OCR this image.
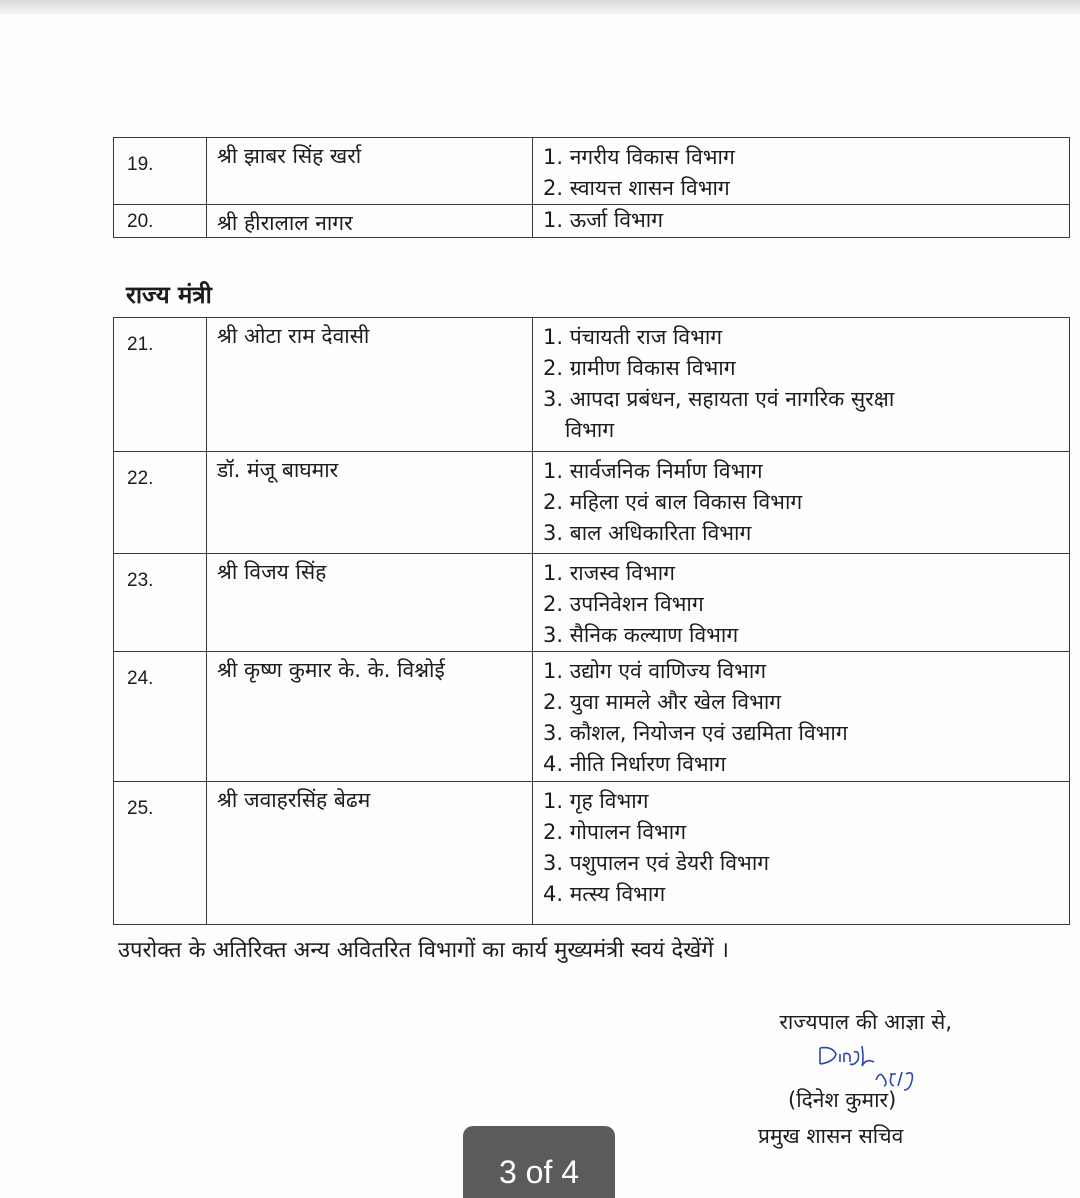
19.	श्री झाबर सिंह खर्रा	1. नगरीय विकास विभाग
2. स्वायत्त शासन विभाग

20.	श्री हीरालाल नागर	1. ऊर्जा विभाग
राज्य मंत्री
21.	श्री ओटा राम देवासी	1. पंचायती राज विभाग
2. ग्रामीण विकास विभाग
3. आपदा प्रबंधन, सहायता एवं नागरिक सुरक्षा
विभाग

22.	डॉ. मंजू बाघमार	1. सार्वजनिक निर्माण विभाग
2. महिला एवं बाल विकास विभाग
3. बाल अधिकारिता विभाग

23.	श्री विजय सिंह	1. राजस्व विभाग
2. उपनिवेशन विभाग
3. सैनिक कल्याण विभाग

24.	श्री कृष्ण कुमार के. के. विश्नोई	1. उद्योग एवं वाणिज्य विभाग
2. युवा मामले और खेल विभाग
3. कौशल, नियोजन एवं उद्यमिता विभाग
4. नीति निर्धारण विभाग

25.	श्री जवाहरसिंह बेढम	1. गृह विभाग
2. गोपालन विभाग
3. पशुपालन एवं डेयरी विभाग
4. मत्स्य विभाग
उपरोक्त के अतिरिक्त अन्य अवितरित विभागों का कार्य मुख्यमंत्री स्वयं देखेंगें ।
राज्यपाल की आज्ञा से,
(दिनेश कुमार)
प्रमुख शासन सचिव
3 of 4
